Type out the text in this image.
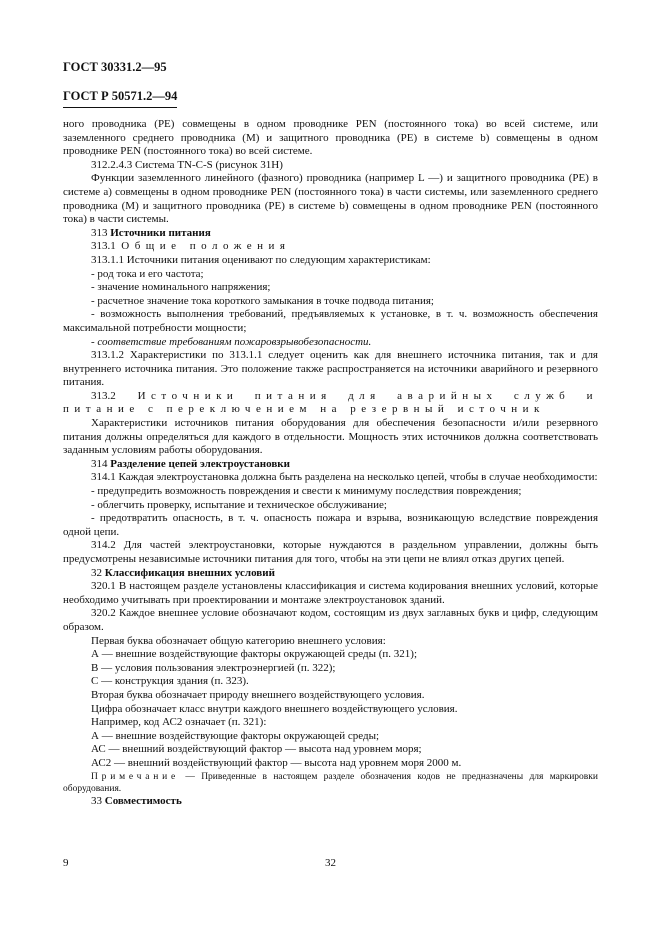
ГОСТ 30331.2—95
ГОСТ Р 50571.2—94

ного проводника (PE) совмещены в одном проводнике PEN (постоянного тока) во всей системе, или заземленного среднего проводника (M) и защитного проводника (PE) в системе b) совмещены в одном проводнике PEN (постоянного тока) во всей системе.

312.2.4.3 Система TN-C-S (рисунок 31H)

Функции заземленного линейного (фазного) проводника (например L —) и защитного проводника (PE) в системе a) совмещены в одном проводнике PEN (постоянного тока) в части системы, или заземленного среднего проводника (M) и защитного проводника (PE) в системе b) совмещены в одном проводнике PEN (постоянного тока) в части системы.

313 Источники питания

313.1 Общие положения

313.1.1 Источники питания оценивают по следующим характеристикам:

- род тока и его частота;

- значение номинального напряжения;

- расчетное значение тока короткого замыкания в точке подвода питания;

- возможность выполнения требований, предъявляемых к установке, в т. ч. возможность обеспечения максимальной потребности мощности;

- соответствие требованиям пожаровзрывобезопасности.

313.1.2 Характеристики по 313.1.1 следует оценить как для внешнего источника питания, так и для внутреннего источника питания. Это положение также распространяется на источники аварийного и резервного питания.

313.2 Источники питания для аварийных служб и питание с переключением на резервный источник

Характеристики источников питания оборудования для обеспечения безопасности и/или резервного питания должны определяться для каждого в отдельности. Мощность этих источников должна соответствовать заданным условиям работы оборудования.

314 Разделение цепей электроустановки

314.1 Каждая электроустановка должна быть разделена на несколько цепей, чтобы в случае необходимости:

- предупредить возможность повреждения и свести к минимуму последствия повреждения;

- облегчить проверку, испытание и техническое обслуживание;

- предотвратить опасность, в т. ч. опасность пожара и взрыва, возникающую вследствие повреждения одной цепи.

314.2 Для частей электроустановки, которые нуждаются в раздельном управлении, должны быть предусмотрены независимые источники питания для того, чтобы на эти цепи не влиял отказ других цепей.

32 Классификация внешних условий

320.1 В настоящем разделе установлены классификация и система кодирования внешних условий, которые необходимо учитывать при проектировании и монтаже электроустановок зданий.

320.2 Каждое внешнее условие обозначают кодом, состоящим из двух заглавных букв и цифр, следующим образом.

Первая буква обозначает общую категорию внешнего условия:

А — внешние воздействующие факторы окружающей среды (п. 321);

В — условия пользования электроэнергией (п. 322);

С — конструкция здания (п. 323).

Вторая буква обозначает природу внешнего воздействующего условия.

Цифра обозначает класс внутри каждого внешнего воздействующего условия.

Например, код АС2 означает (п. 321):

А — внешние воздействующие факторы окружающей среды;

АС — внешний воздействующий фактор — высота над уровнем моря;

АС2 — внешний воздействующий фактор — высота над уровнем моря 2000 м.

Примечание — Приведенные в настоящем разделе обозначения кодов не предназначены для маркировки оборудования.

33 Совместимость

9	32
